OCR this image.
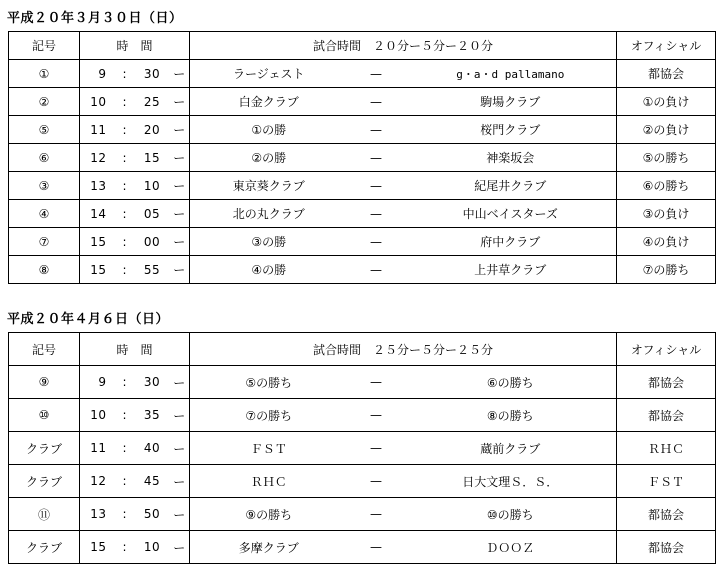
平成２０年３月３０日（日）
記号	時　間				試合時間　２０分ー５分ー２０分			オフィシャル
①	9	:	30	ー	ラージェスト	—	g・a・d pallamano	都協会
②	10	:	25	ー	白金クラブ	—	駒場クラブ	①の負け
⑤	11	:	20	ー	①の勝	—	桜門クラブ	②の負け
⑥	12	:	15	ー	②の勝	—	神楽坂会	⑤の勝ち
③	13	:	10	ー	東京葵クラブ	—	紀尾井クラブ	⑥の勝ち
④	14	:	05	ー	北の丸クラブ	—	中山ベイスターズ	③の負け
⑦	15	:	00	ー	③の勝	—	府中クラブ	④の負け
⑧	15	:	55	ー	④の勝	—	上井草クラブ	⑦の勝ち
平成２０年４月６日（日）
記号	時　間				試合時間　２５分ー５分ー２５分			オフィシャル
⑨	9	:	30	ー	⑤の勝ち	—	⑥の勝ち	都協会
⑩	10	:	35	ー	⑦の勝ち	—	⑧の勝ち	都協会
クラブ	11	:	40	ー	ＦＳＴ	—	蔵前クラブ	ＲＨＣ
クラブ	12	:	45	ー	ＲＨＣ	—	日大文理Ｓ．Ｓ．	ＦＳＴ
⑪	13	:	50	ー	⑨の勝ち	—	⑩の勝ち	都協会
クラブ	15	:	10	ー	多摩クラブ	—	ＤＯＯＺ	都協会
